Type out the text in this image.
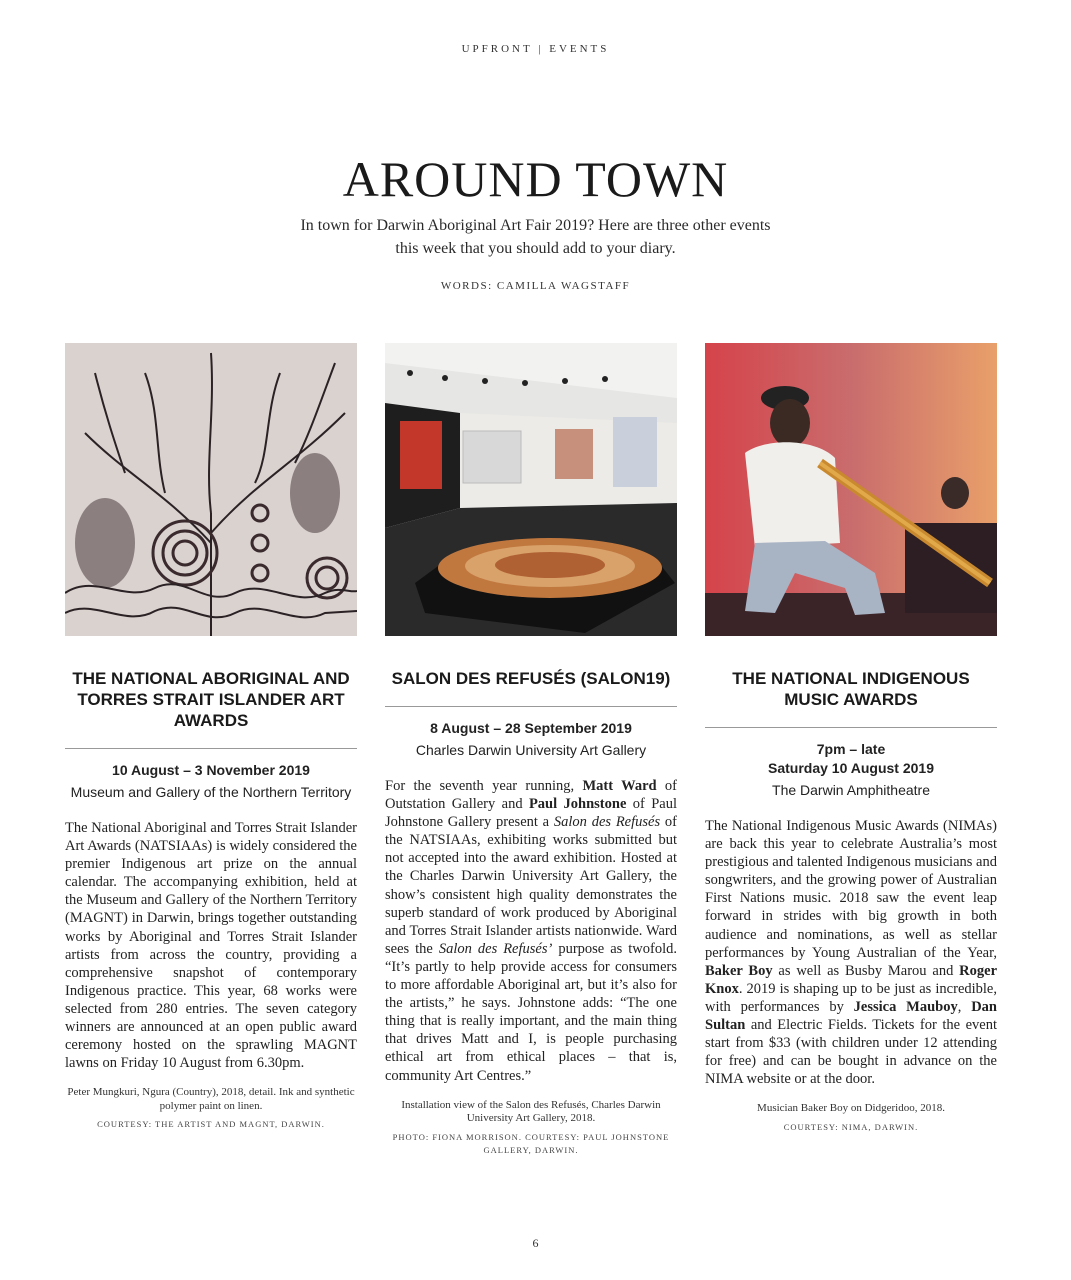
UPFRONT | EVENTS
AROUND TOWN
In town for Darwin Aboriginal Art Fair 2019? Here are three other events this week that you should add to your diary.
WORDS: CAMILLA WAGSTAFF
THE NATIONAL ABORIGINAL AND TORRES STRAIT ISLANDER ART AWARDS
10 August – 3 November 2019
Museum and Gallery of the Northern Territory
The National Aboriginal and Torres Strait Islander Art Awards (NATSIAAs) is widely considered the premier Indigenous art prize on the annual calendar. The accompanying exhibition, held at the Museum and Gallery of the Northern Territory (MAGNT) in Darwin, brings together outstanding works by Aboriginal and Torres Strait Islander artists from across the country, providing a comprehensive snapshot of contemporary Indigenous practice. This year, 68 works were selected from 280 entries. The seven category winners are announced at an open public award ceremony hosted on the sprawling MAGNT lawns on Friday 10 August from 6.30pm.
Peter Mungkuri, Ngura (Country), 2018, detail. Ink and synthetic polymer paint on linen.
COURTESY: THE ARTIST AND MAGNT, DARWIN.
SALON DES REFUSÉS (SALON19)
8 August – 28 September 2019
Charles Darwin University Art Gallery
For the seventh year running, Matt Ward of Outstation Gallery and Paul Johnstone of Paul Johnstone Gallery present a Salon des Refusés of the NATSIAAs, exhibiting works submitted but not accepted into the award exhibition. Hosted at the Charles Darwin University Art Gallery, the show’s consistent high quality demonstrates the superb standard of work produced by Aboriginal and Torres Strait Islander artists nationwide. Ward sees the Salon des Refusés’ purpose as twofold. “It’s partly to help provide access for consumers to more affordable Aboriginal art, but it’s also for the artists,” he says. Johnstone adds: “The one thing that is really important, and the main thing that drives Matt and I, is people purchasing ethical art from ethical places – that is, community Art Centres.”
Installation view of the Salon des Refusés, Charles Darwin University Art Gallery, 2018.
PHOTO: FIONA MORRISON. COURTESY: PAUL JOHNSTONE GALLERY, DARWIN.
THE NATIONAL INDIGENOUS MUSIC AWARDS
7pm – late
Saturday 10 August 2019
The Darwin Amphitheatre
The National Indigenous Music Awards (NIMAs) are back this year to celebrate Australia’s most prestigious and talented Indigenous musicians and songwriters, and the growing power of Australian First Nations music. 2018 saw the event leap forward in strides with big growth in both audience and nominations, as well as stellar performances by Young Australian of the Year, Baker Boy as well as Busby Marou and Roger Knox. 2019 is shaping up to be just as incredible, with performances by Jessica Mauboy, Dan Sultan and Electric Fields. Tickets for the event start from $33 (with children under 12 attending for free) and can be bought in advance on the NIMA website or at the door.
Musician Baker Boy on Didgeridoo, 2018.
COURTESY: NIMA, DARWIN.
6
